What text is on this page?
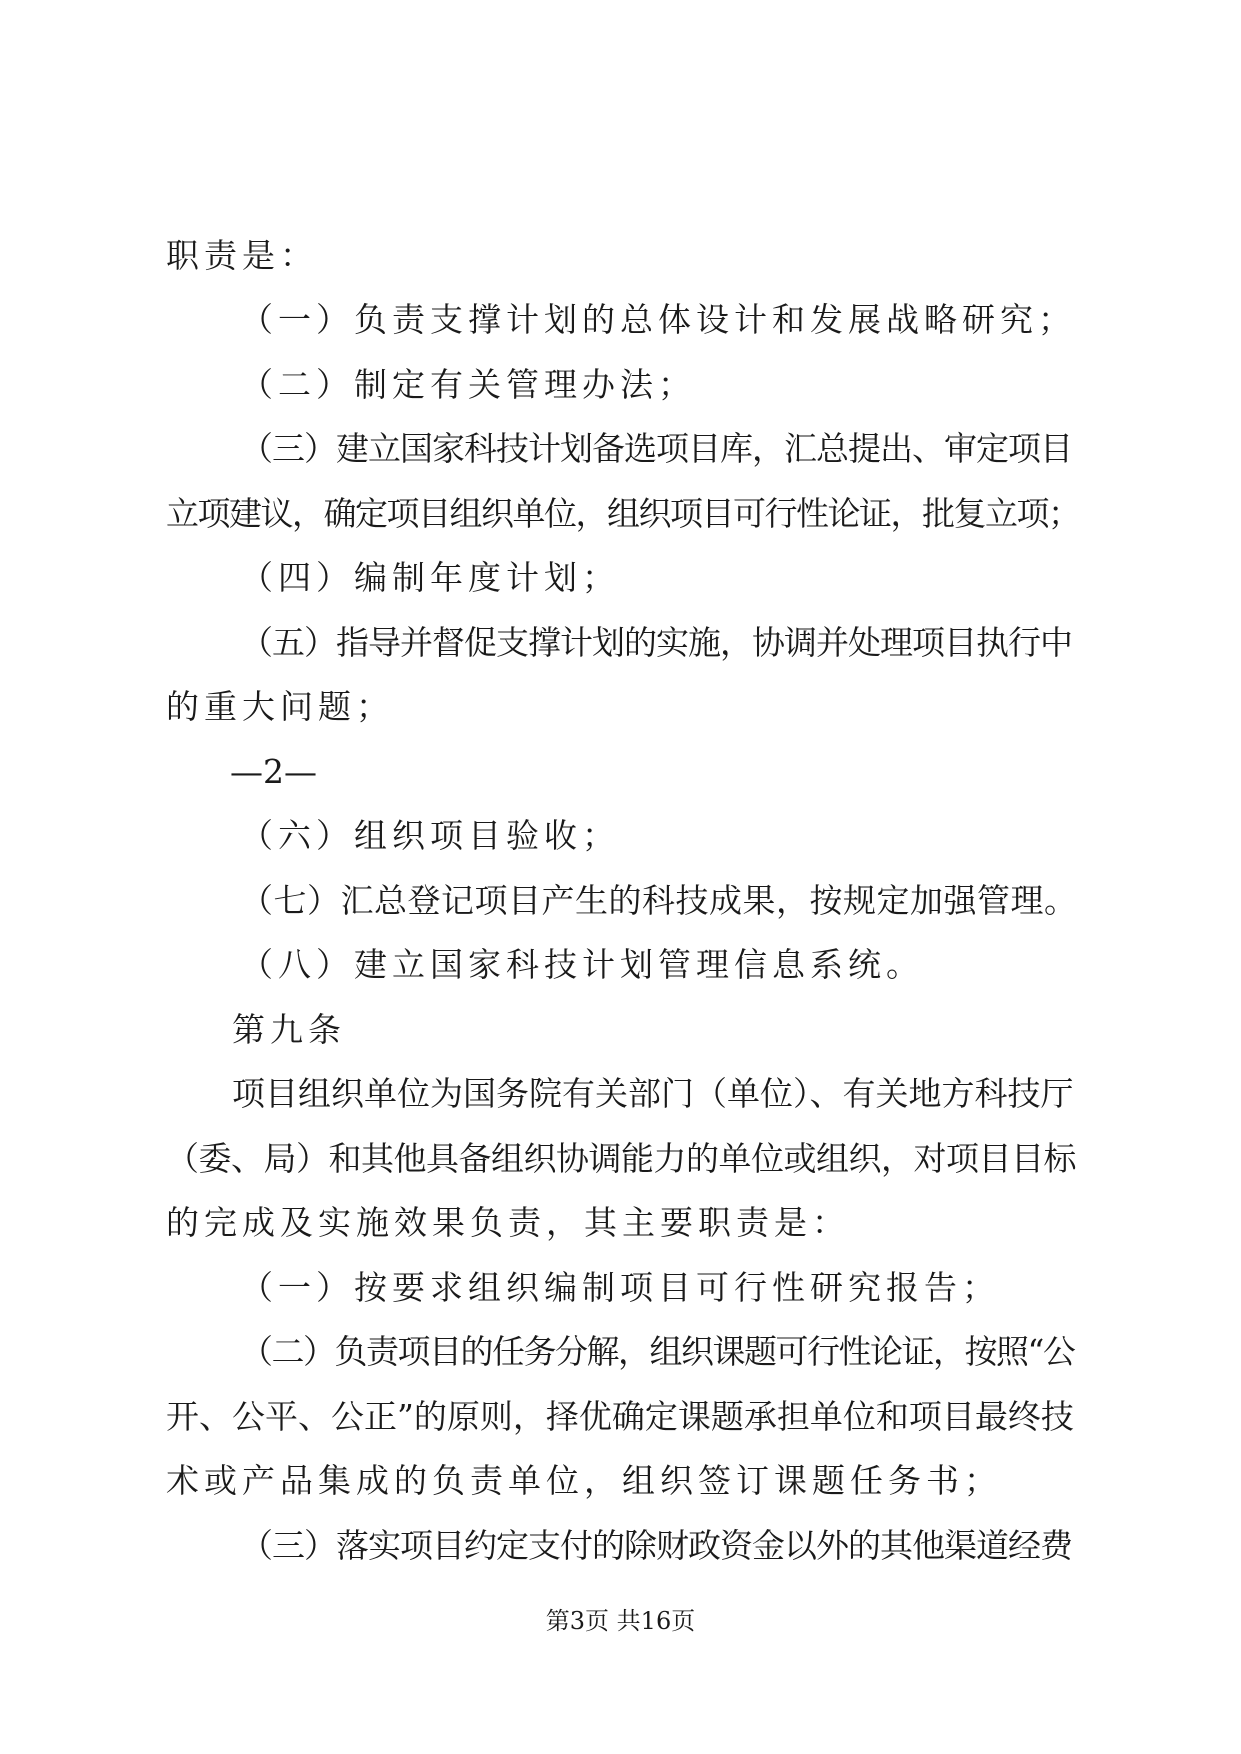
职责是：
（一）负责支撑计划的总体设计和发展战略研究；
（二）制定有关管理办法；
（三）建立国家科技计划备选项目库，汇总提出、审定项目
立项建议，确定项目组织单位，组织项目可行性论证，批复立项；
（四）编制年度计划；
（五）指导并督促支撑计划的实施，协调并处理项目执行中
的重大问题；
—2—
（六）组织项目验收；
（七）汇总登记项目产生的科技成果，按规定加强管理。
（八）建立国家科技计划管理信息系统。
第九条
项目组织单位为国务院有关部门（单位）、有关地方科技厅
（委、局）和其他具备组织协调能力的单位或组织，对项目目标
的完成及实施效果负责，其主要职责是：
（一）按要求组织编制项目可行性研究报告；
（二）负责项目的任务分解，组织课题可行性论证，按照“公
开、公平、公正”的原则，择优确定课题承担单位和项目最终技
术或产品集成的负责单位，组织签订课题任务书；
（三）落实项目约定支付的除财政资金以外的其他渠道经费
第3页 共16页
